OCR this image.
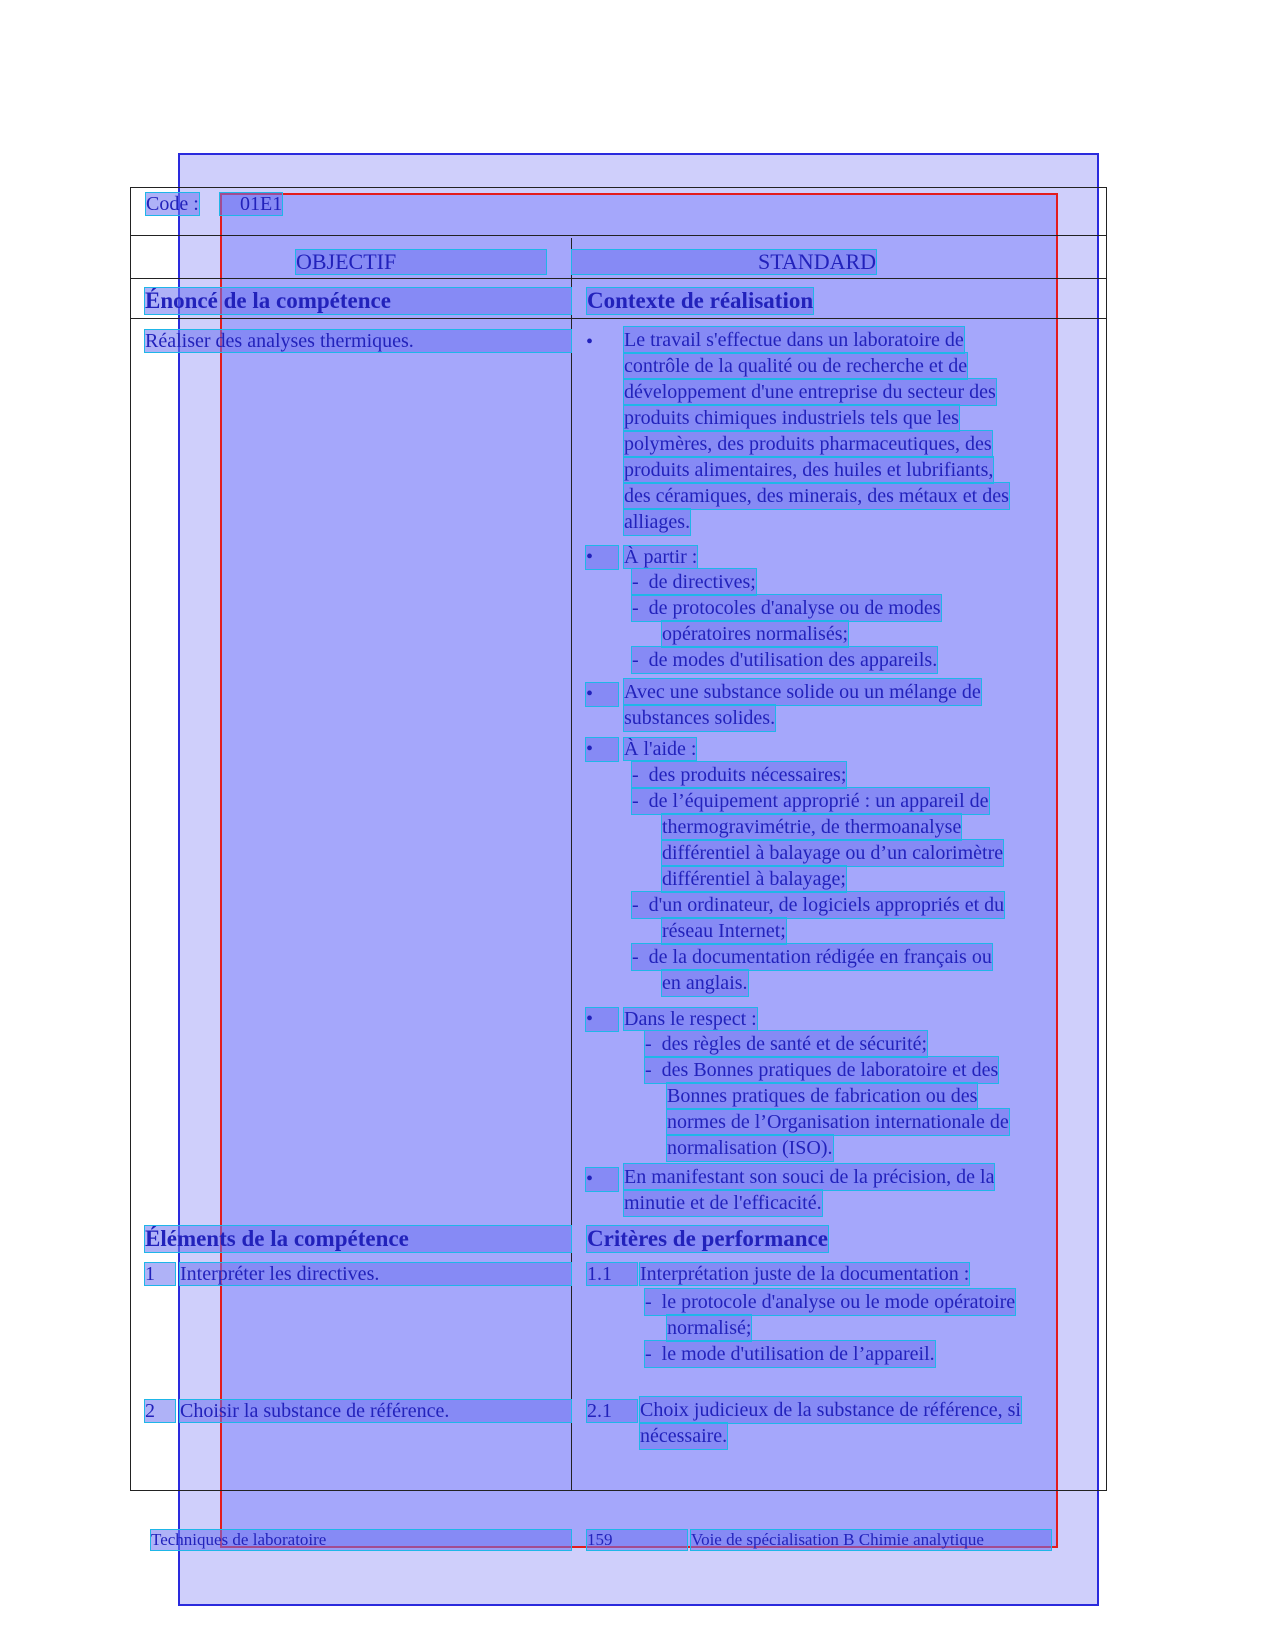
Code :	01E1
OBJECTIF	STANDARD
Énoncé de la compétence	Contexte de réalisation
Réaliser des analyses thermiques.	• Le travail s'effectue dans un laboratoire de
contrôle de la qualité ou de recherche et de
développement d'une entreprise du secteur des
produits chimiques industriels tels que les
polymères, des produits pharmaceutiques, des
produits alimentaires, des huiles et lubrifiants,
des céramiques, des minerais, des métaux et des
alliages.
• À partir :
-  de directives;
-  de protocoles d'analyse ou de modes
opératoires normalisés;
-  de modes d'utilisation des appareils.
• Avec une substance solide ou un mélange de
substances solides.
• À l'aide :
-  des produits nécessaires;
-  de l’équipement approprié : un appareil de
thermogravimétrie, de thermoanalyse
différentiel à balayage ou d’un calorimètre
différentiel à balayage;
-  d'un ordinateur, de logiciels appropriés et du
réseau Internet;
-  de la documentation rédigée en français ou
en anglais.
• Dans le respect :
-  des règles de santé et de sécurité;
-  des Bonnes pratiques de laboratoire et des
Bonnes pratiques de fabrication ou des
normes de l’Organisation internationale de
normalisation (ISO).
• En manifestant son souci de la précision, de la
minutie et de l'efficacité.
Éléments de la compétence	Critères de performance
1	Interpréter les directives.	1.1	Interprétation juste de la documentation :
-  le protocole d'analyse ou le mode opératoire
normalisé;
-  le mode d'utilisation de l’appareil.
2	Choisir la substance de référence.	2.1	Choix judicieux de la substance de référence, si
nécessaire.
Techniques de laboratoire	159	Voie de spécialisation B Chimie analytique
